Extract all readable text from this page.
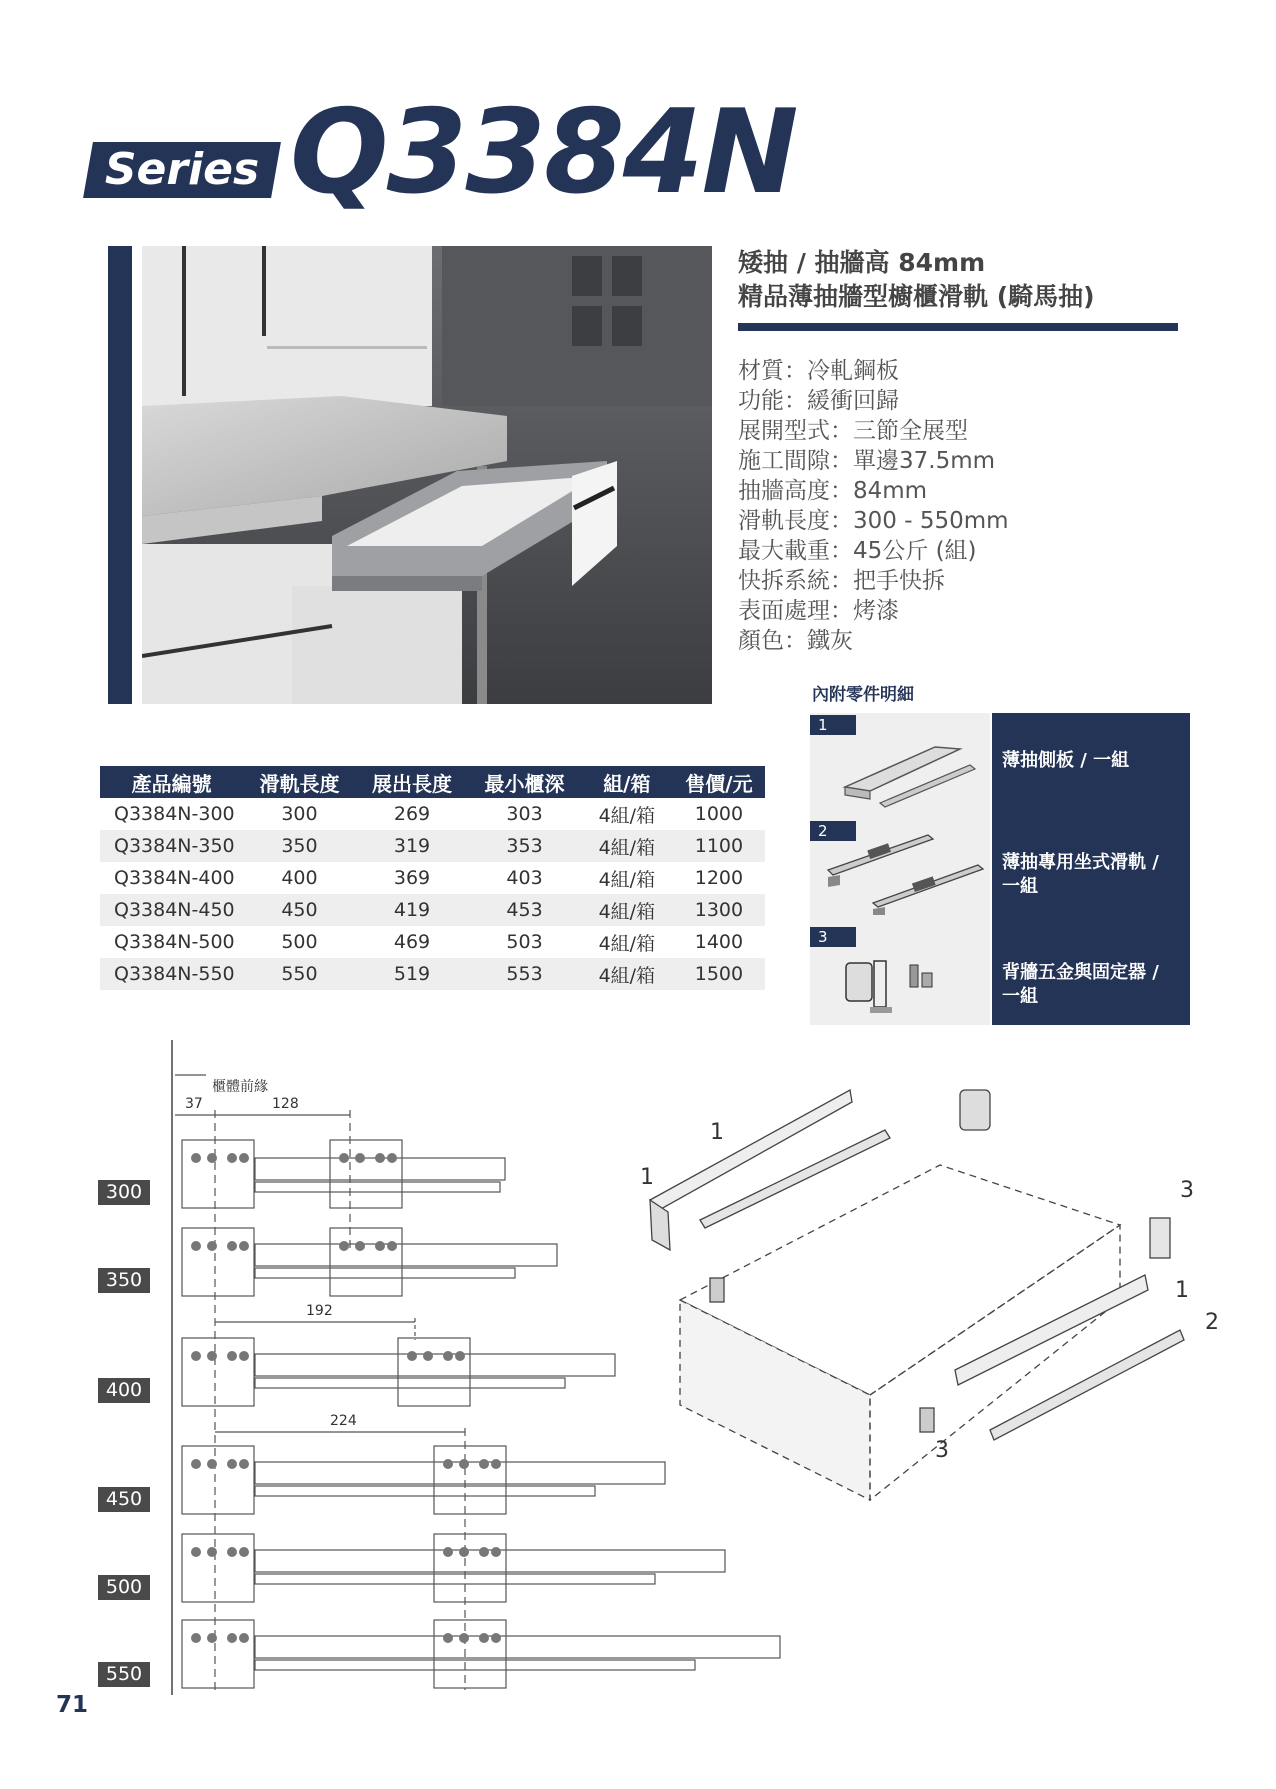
Series Q3384N
矮抽 / 抽牆高 84mm
精品薄抽牆型櫥櫃滑軌 (騎馬抽)
材質：冷軋鋼板
功能：緩衝回歸
展開型式：三節全展型
施工間隙：單邊37.5mm
抽牆高度：84mm
滑軌長度：300 - 550mm
最大載重：45公斤 (組)
快拆系統：把手快拆
表面處理：烤漆
顏色：鐵灰
產品編號	滑軌長度	展出長度	最小櫃深	組/箱	售價/元
Q3384N-300	300	269	303	4組/箱	1000
Q3384N-350	350	319	353	4組/箱	1100
Q3384N-400	400	369	403	4組/箱	1200
Q3384N-450	450	419	453	4組/箱	1300
Q3384N-500	500	469	503	4組/箱	1400
Q3384N-550	550	519	553	4組/箱	1500
內附零件明細
1
2
3
薄抽側板 / 一組
薄抽專用坐式滑軌 / 一組
背牆五金與固定器 / 一組
300
350
400
450
500
550
櫃體前緣
37	128
192
224
1
1
1
2
3
3
71
